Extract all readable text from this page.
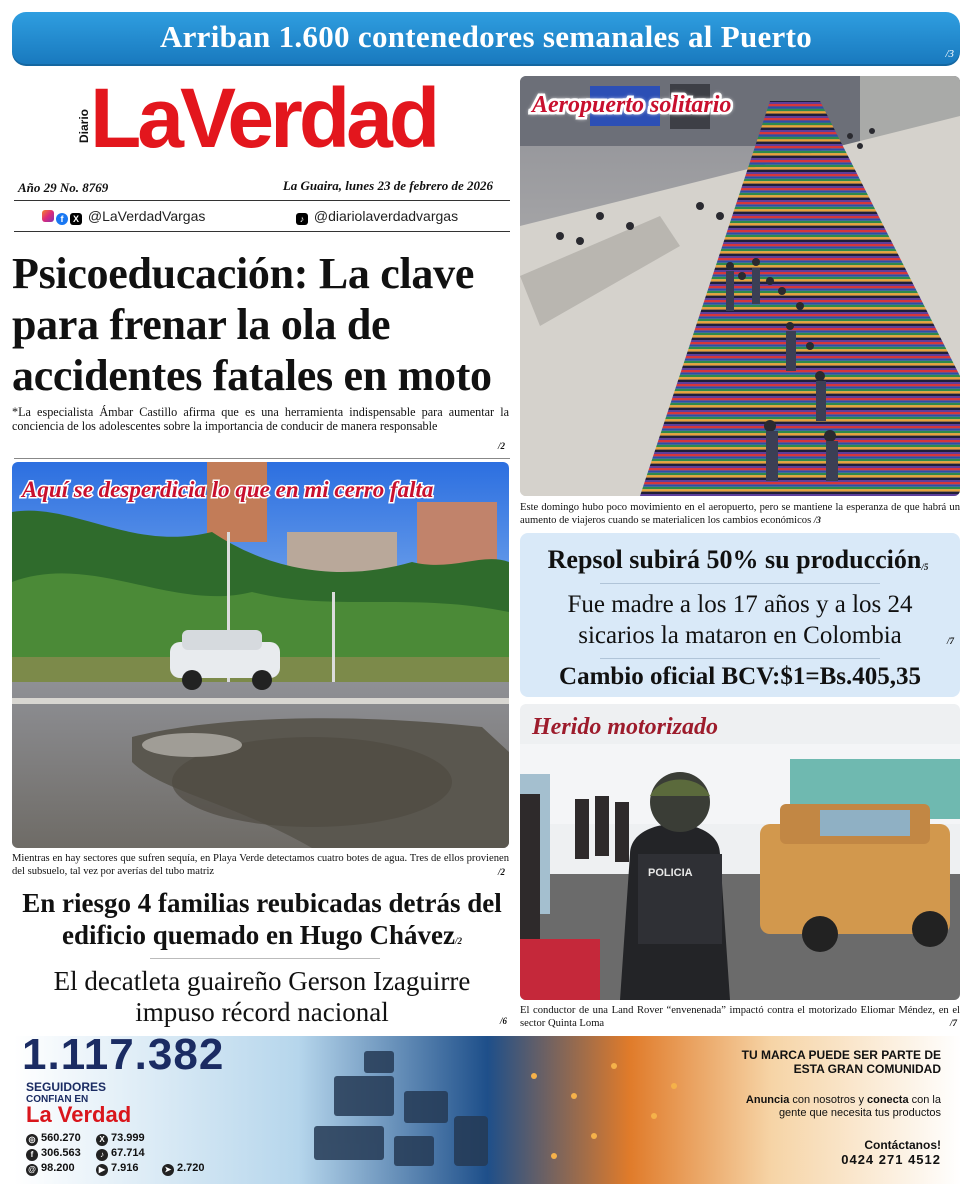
Arriban 1.600 contenedores semanales al Puerto	/3
Diario LaVerdad
Año 29 No. 8769	La Guaira, lunes 23 de febrero de 2026
f X @LaVerdadVargas	♪ @diariolaverdadvargas
Psicoeducación: La clave para frenar la ola de accidentes fatales en moto
*La especialista Ámbar Castillo afirma que es una herramienta indispensable para aumentar la conciencia de los adolescentes sobre la importancia de conducir de manera responsable
/2
Aeropuerto solitario
Este domingo hubo poco movimiento en el aeropuerto, pero se mantiene la esperanza de que habrá un aumento de viajeros cuando se materialicen los cambios económicos /3
Aquí se desperdicia lo que en mi cerro falta
Mientras en hay sectores que sufren sequía, en Playa Verde detectamos cuatro botes de agua. Tres de ellos provienen del subsuelo, tal vez por averías del tubo matriz	/2
Repsol subirá 50% su producción/5
Fue madre a los 17 años y a los 24 sicarios la mataron en Colombia	/7
Cambio oficial BCV:$1=Bs.405,35
POLICIA
Herido motorizado
El conductor de una Land Rover “envenenada” impactó contra el motorizado Eliomar Méndez, en el sector Quinta Loma	/7
En riesgo 4 familias reubicadas detrás del edificio quemado en Hugo Chávez/2
El decatleta guaireño Gerson Izaguirre impuso récord nacional	/6
1.117.382
SEGUIDORES
CONFIAN EN
La Verdad
◎ 560.270	X 73.999
f 306.563	♪ 67.714
@ 98.200	▶ 7.916	➤ 2.720
TU MARCA PUEDE SER PARTE DE ESTA GRAN COMUNIDAD
Anuncia con nosotros y conecta con la gente que necesita tus productos
Contáctanos!
0424 271 4512
